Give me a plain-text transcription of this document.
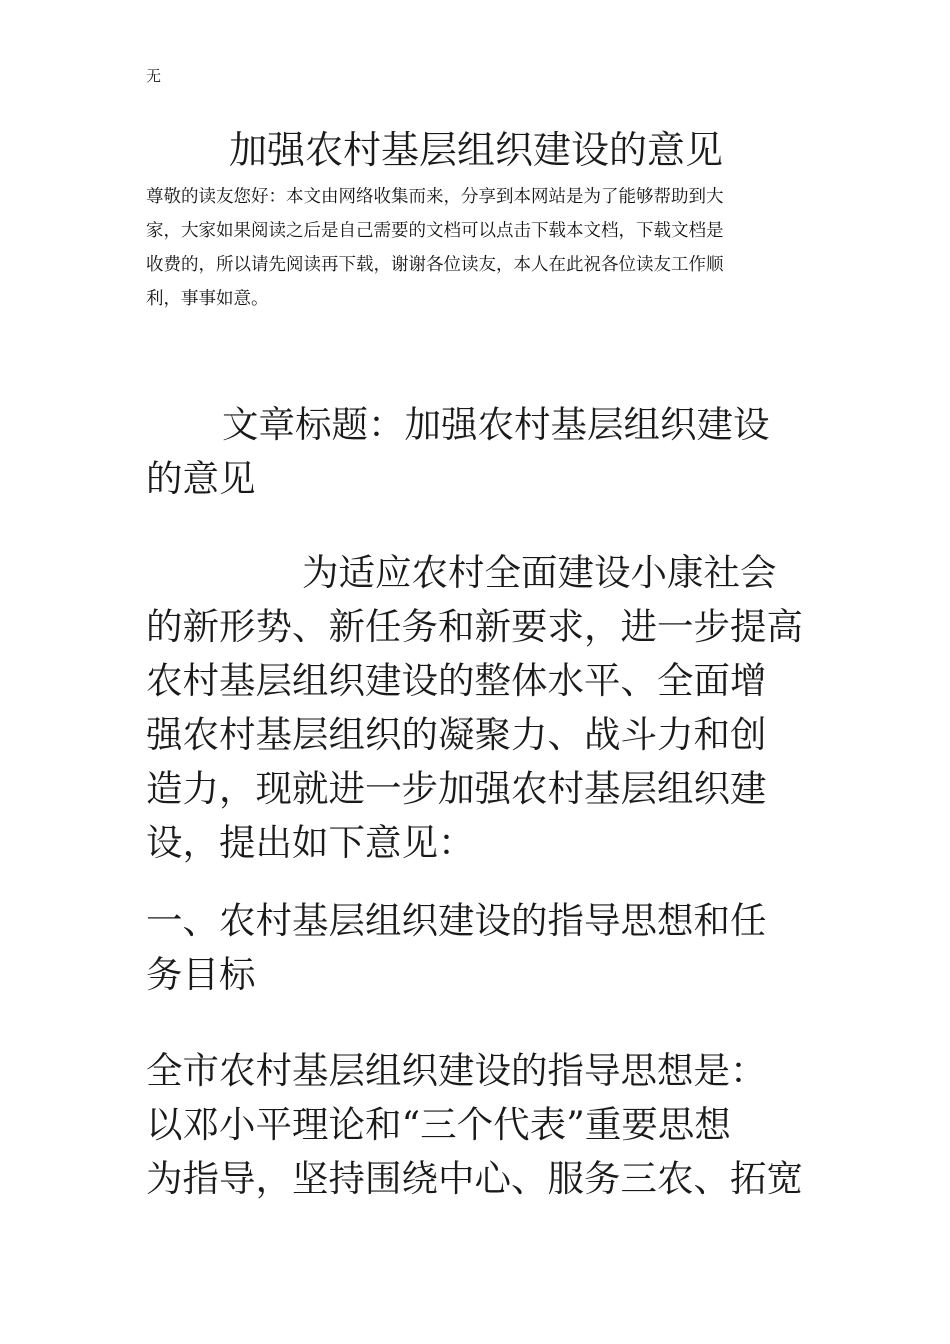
无
加强农村基层组织建设的意见
尊敬的读友您好：本文由网络收集而来，分享到本网站是为了能够帮助到大
家，大家如果阅读之后是自己需要的文档可以点击下载本文档，下载文档是
收费的，所以请先阅读再下载，谢谢各位读友，本人在此祝各位读友工作顺
利，事事如意。
文章标题：加强农村基层组织建设
的意见
为适应农村全面建设小康社会
的新形势、新任务和新要求，进一步提高
农村基层组织建设的整体水平、全面增
强农村基层组织的凝聚力、战斗力和创
造力，现就进一步加强农村基层组织建
设，提出如下意见：
一、农村基层组织建设的指导思想和任
务目标
全市农村基层组织建设的指导思想是：
以邓小平理论和“三个代表”重要思想
为指导，坚持围绕中心、服务三农、拓宽
